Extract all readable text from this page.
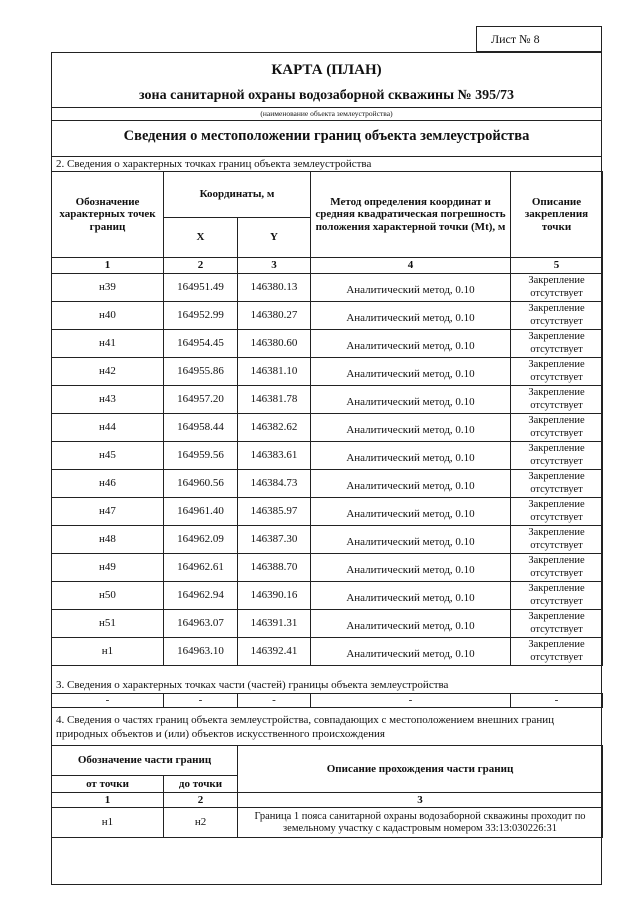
Лист № 8
КАРТА (ПЛАН)
зона санитарной охраны водозаборной скважины № 395/73
(наименование объекта землеустройства)
Сведения о местоположении границ объекта землеустройства
2. Сведения о характерных точках границ объекта землеустройства
Обозначение характерных точек границ	Координаты, м		Метод определения координат и средняя квадратическая погрешность положения характерной точки (Mt), м	Описание закрепления точки
	X	Y		
1	2	3	4	5
н39	164951.49	146380.13	Аналитический метод, 0.10	Закрепление отсутствует
н40	164952.99	146380.27	Аналитический метод, 0.10	Закрепление отсутствует
н41	164954.45	146380.60	Аналитический метод, 0.10	Закрепление отсутствует
н42	164955.86	146381.10	Аналитический метод, 0.10	Закрепление отсутствует
н43	164957.20	146381.78	Аналитический метод, 0.10	Закрепление отсутствует
н44	164958.44	146382.62	Аналитический метод, 0.10	Закрепление отсутствует
н45	164959.56	146383.61	Аналитический метод, 0.10	Закрепление отсутствует
н46	164960.56	146384.73	Аналитический метод, 0.10	Закрепление отсутствует
н47	164961.40	146385.97	Аналитический метод, 0.10	Закрепление отсутствует
н48	164962.09	146387.30	Аналитический метод, 0.10	Закрепление отсутствует
н49	164962.61	146388.70	Аналитический метод, 0.10	Закрепление отсутствует
н50	164962.94	146390.16	Аналитический метод, 0.10	Закрепление отсутствует
н51	164963.07	146391.31	Аналитический метод, 0.10	Закрепление отсутствует
н1	164963.10	146392.41	Аналитический метод, 0.10	Закрепление отсутствует
3. Сведения о характерных точках части (частей) границы объекта землеустройства
-	-	-	-	-
4. Сведения о частях границ объекта землеустройства, совпадающих с местоположением внешних границ природных объектов и (или) объектов искусственного происхождения
Обозначение части границ		Описание прохождения части границ
от точки	до точки	
1	2	3
н1	н2	Граница 1 пояса санитарной охраны водозаборной скважины проходит по земельному участку с кадастровым номером 33:13:030226:31
